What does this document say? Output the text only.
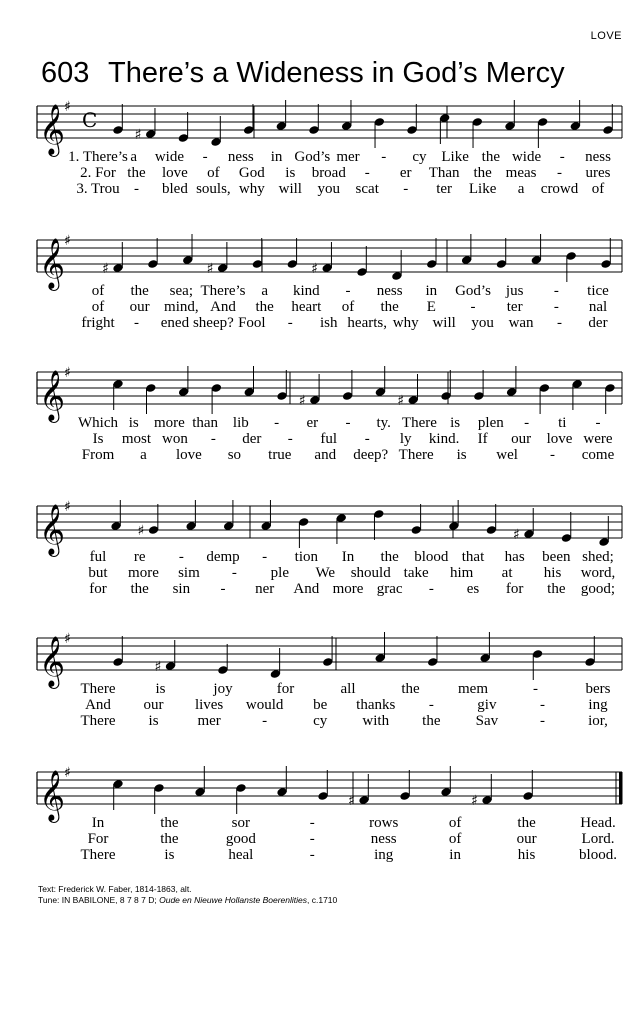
LOVE
603 There’s a Wideness in God’s Mercy
𝄞
♯
C
♯
1. There’s a wide - ness in God’s mer - cy Like the wide - ness
2. For the love of God is broad - er Than the meas - ures
3. Trou - bled souls, why will you scat - ter Like a crowd of
𝄞
♯
♯	♯	♯
of the sea; There’s a kind - ness in God’s jus - tice
of our mind, And the heart of the E - ter - nal
fright - ened sheep? Fool - ish hearts, why will you wan - der
𝄞
♯
♯	♯
Which is more than lib - er - ty. There is plen - ti -
Is most won - der - ful - ly kind. If our love were
From a love so true and deep? There is wel - come
𝄞
♯
♯	♯
ful re - demp - tion In the blood that has been shed;
but more sim - ple We should take him at his word,
for the sin - ner And more grac - es for the good;
𝄞
♯
♯
There	is	joy	for	all	the	mem	-	bers
And our lives would be thanks -	giv	-	ing
There is	mer	-	cy with the Sav	-	ior,
𝄞
♯
♯	♯
In	the	sor	-	rows	of	the	Head.
For	the	good	-	ness	of	our	Lord.
There	is	heal	-	ing	in	his	blood.
Text: Frederick W. Faber, 1814-1863, alt.
Tune: IN BABILONE, 8 7 8 7 D; Oude en Nieuwe Hollanste Boerenlities, c.1710
